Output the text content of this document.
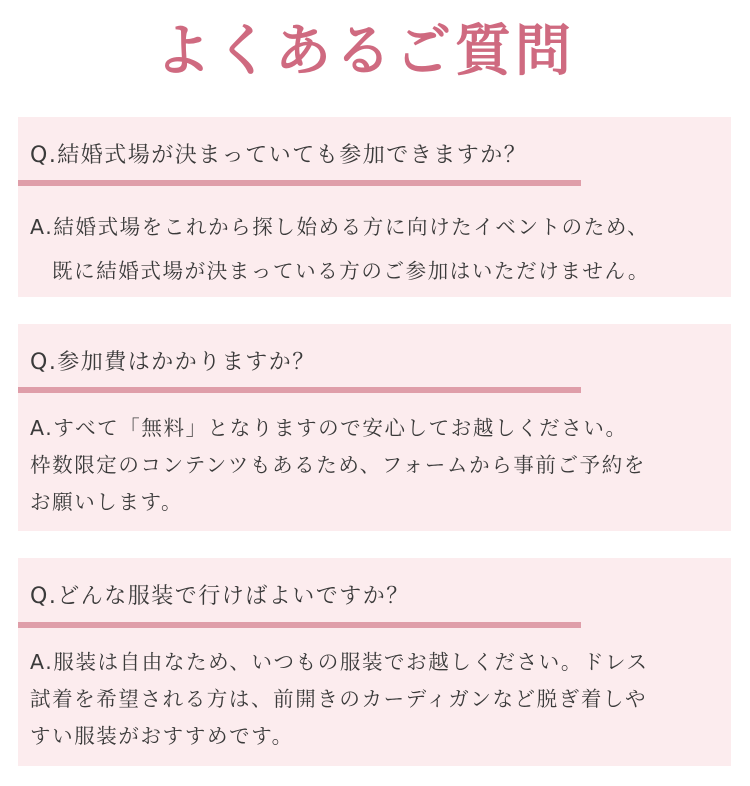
よくあるご質問
Q.結婚式場が決まっていても参加できますか？
A.結婚式場をこれから探し始める方に向けたイベントのため、
既に結婚式場が決まっている方のご参加はいただけません。
Q.参加費はかかりますか？
A.すべて「無料」となりますので安心してお越しください。
枠数限定のコンテンツもあるため、フォームから事前ご予約を
お願いします。
Q.どんな服装で行けばよいですか？
A.服装は自由なため、いつもの服装でお越しください。ドレス
試着を希望される方は、前開きのカーディガンなど脱ぎ着しや
すい服装がおすすめです。
